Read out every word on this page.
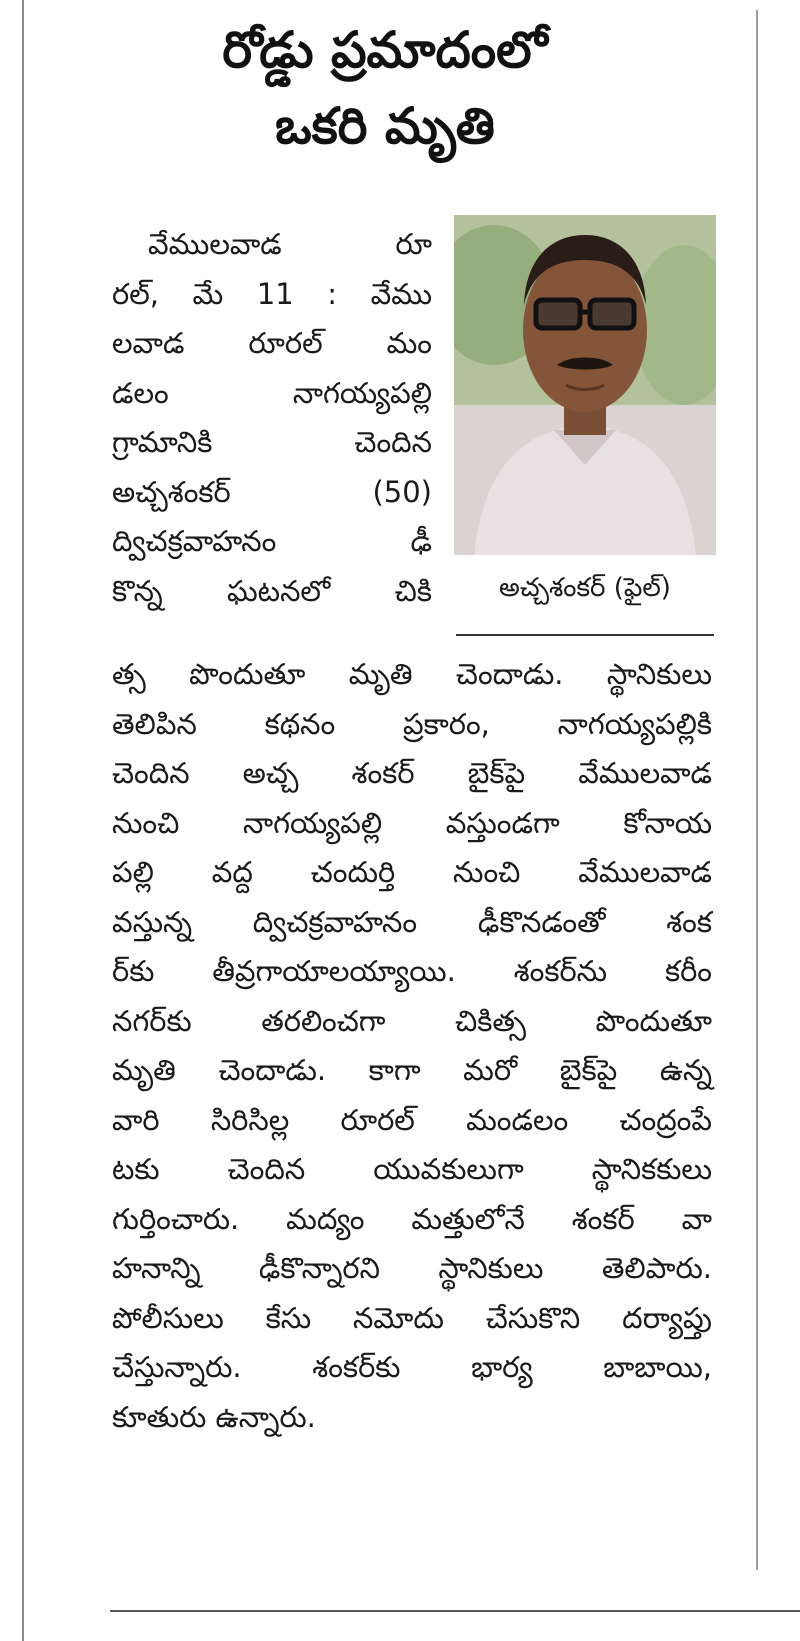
రోడ్డు ప్రమాదంలో
ఒకరి మృతి
అచ్చశంకర్ (ఫైల్)
వేములవాడ రూ
రల్, మే 11 : వేము
లవాడ రూరల్ మం
డలం నాగయ్యపల్లి
గ్రామానికి చెందిన
అచ్చశంకర్ (50)
ద్విచక్రవాహనం ఢీ
కొన్న ఘటనలో చికి
త్స పొందుతూ మృతి చెందాడు. స్థానికులు
తెలిపిన కథనం ప్రకారం, నాగయ్యపల్లికి
చెందిన అచ్చ శంకర్ బైక్‌పై వేములవాడ
నుంచి నాగయ్యపల్లి వస్తుండగా కోనాయ
పల్లి వద్ద చందుర్తి నుంచి వేములవాడ
వస్తున్న ద్విచక్రవాహనం ఢీకొనడంతో శంక
ర్‌కు తీవ్రగాయాలయ్యాయి. శంకర్‌ను కరీం
నగర్‌కు తరలించగా చికిత్స పొందుతూ
మృతి చెందాడు. కాగా మరో బైక్‌పై ఉన్న
వారి సిరిసిల్ల రూరల్ మండలం చంద్రంపే
టకు చెందిన యువకులుగా స్థానికకులు
గుర్తించారు. మద్యం మత్తులోనే శంకర్ వా
హనాన్ని ఢీకొన్నారని స్థానికులు తెలిపారు.
పోలీసులు కేసు నమోదు చేసుకొని దర్యాప్తు
చేస్తున్నారు. శంకర్‌కు భార్య బాబాయి,
కూతురు ఉన్నారు.
